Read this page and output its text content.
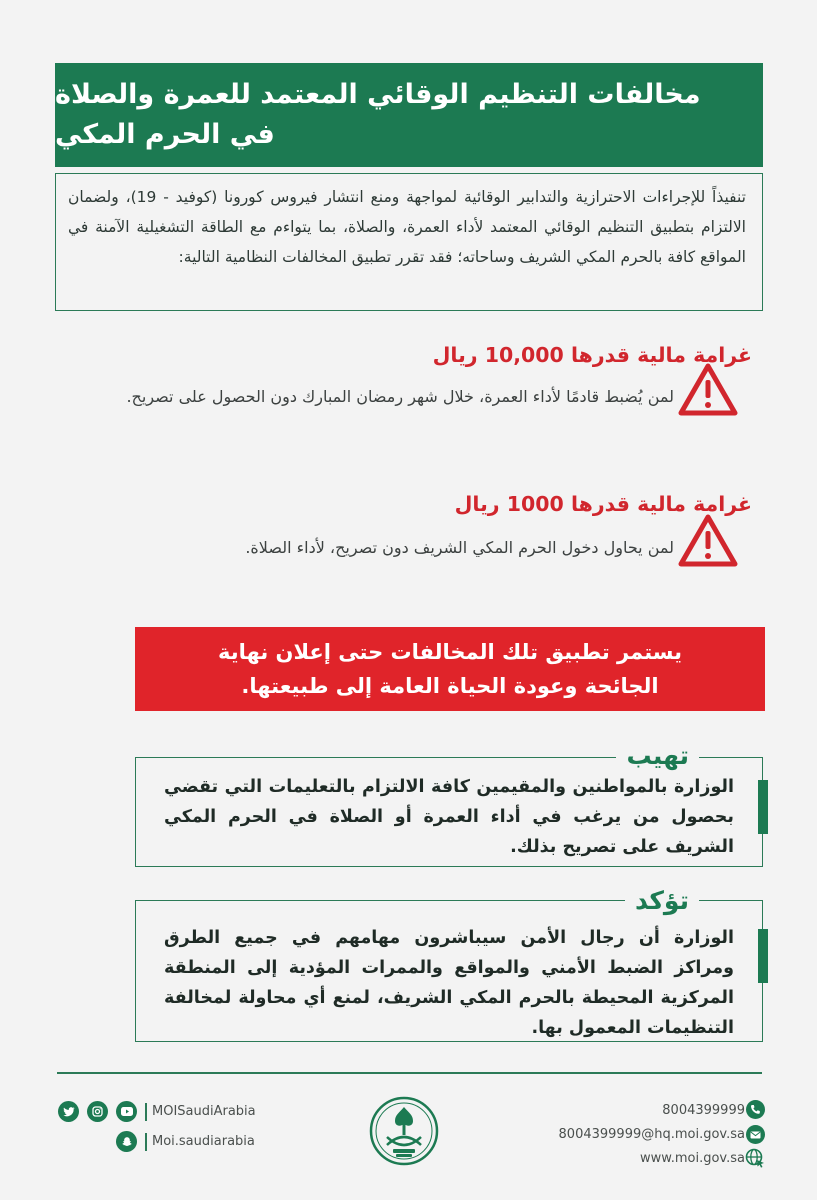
مخالفات التنظيم الوقائي المعتمد للعمرة والصلاة
في الحرم المكي

تنفيذاً للإجراءات الاحترازية والتدابير الوقائية لمواجهة ومنع انتشار فيروس كورونا (كوفيد - 19)، ولضمان الالتزام بتطبيق التنظيم الوقائي المعتمد لأداء العمرة، والصلاة، بما يتواءم مع الطاقة التشغيلية الآمنة في المواقع كافة بالحرم المكي الشريف وساحاته؛ فقد تقرر تطبيق المخالفات النظامية التالية:

غرامة مالية قدرها 10,000 ريال

لمن يُضبط قادمًا لأداء العمرة، خلال شهر رمضان المبارك دون الحصول على تصريح.

غرامة مالية قدرها 1000 ريال

لمن يحاول دخول الحرم المكي الشريف دون تصريح، لأداء الصلاة.

يستمر تطبيق تلك المخالفات حتى إعلان نهاية
الجائحة وعودة الحياة العامة إلى طبيعتها.

الوزارة بالمواطنين والمقيمين كافة الالتزام بالتعليمات التي تقضي بحصول من يرغب في أداء العمرة أو الصلاة في الحرم المكي الشريف على تصريح بذلك.

تهيب

الوزارة أن رجال الأمن سيباشرون مهامهم في جميع الطرق ومراكز الضبط الأمني والمواقع والممرات المؤدية إلى المنطقة المركزية المحيطة بالحرم المكي الشريف، لمنع أي محاولة لمخالفة التنظيمات المعمول بها.

تؤكد
MOISaudiArabia
Moi.saudiarabia
8004399999
8004399999@hq.moi.gov.sa
www.moi.gov.sa
